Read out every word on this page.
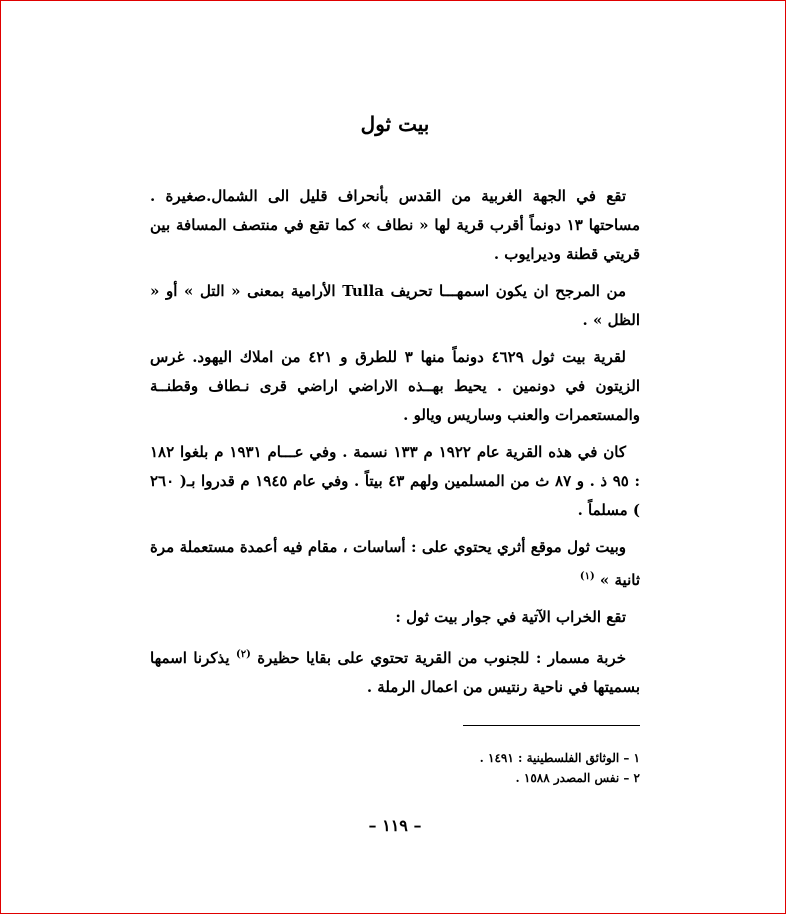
بيت ثول

تقع في الجهة الغربية من القدس بأنحراف قليل الى الشمال.صغيرة . مساحتها ١٣ دونماً أقرب قرية لها « نطاف » كما تقع في منتصف المسافة بين قريتي قطنة وديرايوب .

من المرجح ان يكون اسمهـــا تحريف Tulla الأرامية بمعنى « التل » أو « الظل » .

لقرية بيت ثول ٤٦٢٩ دونماً منها ٣ للطرق و ٤٢١ من املاك اليهود. غرس الزيتون في دونمين . يحيط بهــذه الاراضي اراضي قرى نـطاف وقطنــة والمستعمرات والعنب وساريس ويالو .

كان في هذه القرية عام ١٩٢٢ م ١٣٣ نسمة . وفي عـــام ١٩٣١ م بلغوا ١٨٢ : ٩٥ ذ . و ٨٧ ث من المسلمين ولهم ٤٣ بيتاً . وفي عام ١٩٤٥ م قدروا بـ( ٢٦٠ ) مسلماً .

وبيت ثول موقع أثري يحتوي على : أساسات ، مقام فيه أعمدة مستعملة مرة ثانية » $^{(١)}$

تقع الخراب الآتية في جوار بيت ثول :

خربة مسمار : للجنوب من القرية تحتوي على بقايا حظيرة $^{(٢)}$ يذكرنا اسمها بسميتها في ناحية رنتيس من اعمال الرملة .

١ – الوثائق الفلسطينية : ١٤٩١ .

٢ – نفس المصدر ١٥٨٨ .

– ١١٩ –
